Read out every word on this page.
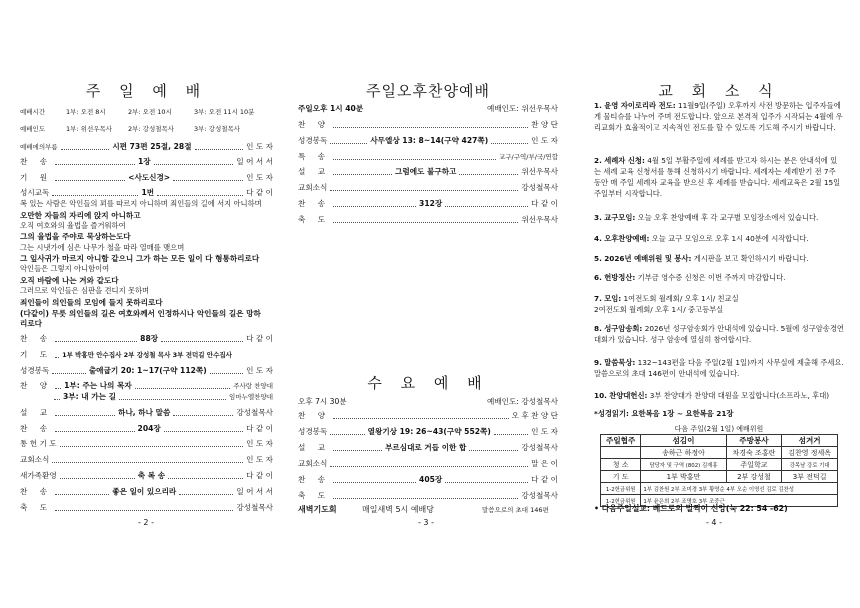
주 일 예 배
예배시간	1부: 오전 8시	2부: 오전 10시	3부: 오전 11시 10분
예배인도	1부: 위선우목사	2부: 강성철목사	3부: 강성철목사
예배에의부름	시편 73편 25절, 28절	인 도 자
찬 송	1장	일 어 서 서
기 원	<사도신경>	인 도 자
성시교독	1번	다 같 이
복 있는 사람은 악인들의 꾀를 따르지 아니하며 죄인들의 길에 서지 아니하며
오만한 자들의 자리에 앉지 아니하고
오직 여호와의 율법을 즐거워하여
그의 율법을 주야로 묵상하는도다
그는 시냇가에 심은 나무가 철을 따라 열매를 맺으며
그 잎사귀가 마르지 아니함 같으니 그가 하는 모든 일이 다 형통하리로다
악인들은 그렇지 아니함이여
오직 바람에 나는 겨와 같도다
그러므로 악인들은 심판을 견디지 못하며
죄인들이 의인들의 모임에 들지 못하리로다
(다같이) 무릇 의인들의 길은 여호와께서 인정하시나 악인들의 길은 망하
리로다
찬 송	88장	다 같 이
기 도 1부 박홍만 안수집사 2부 강성철 목사 3부 전덕길 안수집사
성경봉독	출애굽기 20: 1~17(구약 112쪽)	인 도 자
찬 양 1부: 주는 나의 목자	주사랑 찬양대
3부: 내 가는 길	임마누엘찬양대
설 교	하나, 하나 말씀	강성철목사
찬 송	204장	다 같 이
통 헌 기 도	인 도 자
교회소식	인 도 자
새가족환영	축 복 송	다 같 이
찬 송	좋은 일이 있으리라	일 어 서 서
축 도	강성철목사
- 2 -
주일오후찬양예배
주일오후 1시 40분	예배인도: 위선우목사
찬 양	찬 양 단
성경봉독	사무엘상 13: 8~14(구약 427쪽)	인 도 자
특 송	교구/구역/부/국/연합
설 교	그럼에도 불구하고	위선우목사
교회소식	강성철목사
찬 송	312장	다 같 이
축 도	위선우목사
수 요 예 배
오후 7시 30분	예배인도: 강성철목사
찬 양	오 후 찬 양 단
성경봉독	열왕기상 19: 26~43(구약 552쪽)	인 도 자
설 교	부르심대로 거듭 이한 합	강성철목사
교회소식	말 은 이
찬 송	405장	다 같 이
축 도	강성철목사
새벽기도회	매일새벽 5시 예배당	말씀으로의 초대 146편
- 3 -
교 회 소 식
1. 윤영 자이로리라 전도: 11월9일(주일) 오후까지 사전 방문하는 입주자들에게 물티슈를 나누어 주며 전도합니다. 앞으로 본격적 입주가 시작되는 4월에 우리교회가 효율적이고 지속적인 전도를 할 수 있도록 기도해 주시기 바랍니다.
2. 세례자 신청: 4월 5일 부활주일에 세례를 받고자 하시는 분은 안내석에 있는 세례 교육 신청서를 통해 신청하시기 바랍니다. 세례자는 세례받기 전 7주 동안 매 주일 세례자 교육을 받으신 후 세례를 받습니다. 세례교육은 2월 15일 주일부터 시작합니다.
3. 교구모임: 오늘 오후 찬양예배 후 각 교구별 모임장소에서 있습니다.
4. 오후찬양예배: 오늘 교구 모임으로 오후 1시 40분에 시작합니다.
5. 2026년 예배위원 및 봉사: 게시판을 보고 확인하시기 바랍니다.
6. 헌방정산: 기부금 영수증 신청은 이번 주까지 마감합니다.
7. 모임: 1여전도회 월례회/ 오후 1시/ 친교실
2여전도회 월례회/ 오후 1시/ 중고등부실
8. 성구암송회: 2026년 성구암송회가 안내석에 있습니다. 5월에 성구암송경연대회가 있습니다. 성구 암송에 열심히 참여합시다.
9. 말씀묵상: 132~143편을 다음 주일(2월 1일)까지 사무실에 제출해 주세요. 말씀으로의 초대 146편이 안내석에 있습니다.
10. 찬양대헌신: 3부 찬양대가 찬양대 대원을 모집합니다(소프라노, 후대)
*성경읽기: 요한복음 1장 ~ 요한복음 21장
다음 주일(2월 1일) 예배위원			
주일협주	섬김이	주방봉사	섬겨거
	송하근 하정아	차경숙 조홍란	김찬영 정세옥
청 소	담당자 및 구역 (802) 김재홍	주일학교	강목남 강로 기대
기 도	1부 박홍만	2부 강성철	3부 전덕길
1-2헌금위원	1부 김찬원 2부 조미경 3부 황영순 4부 오순 이영선 김로 김찬성		
1-2헌금위원	1부 윤은희 2부 조명호 3부 조중근		
• 다음주일설교: 베드로의 멀찍이 신앙(눅 22: 54 -62)
- 4 -
